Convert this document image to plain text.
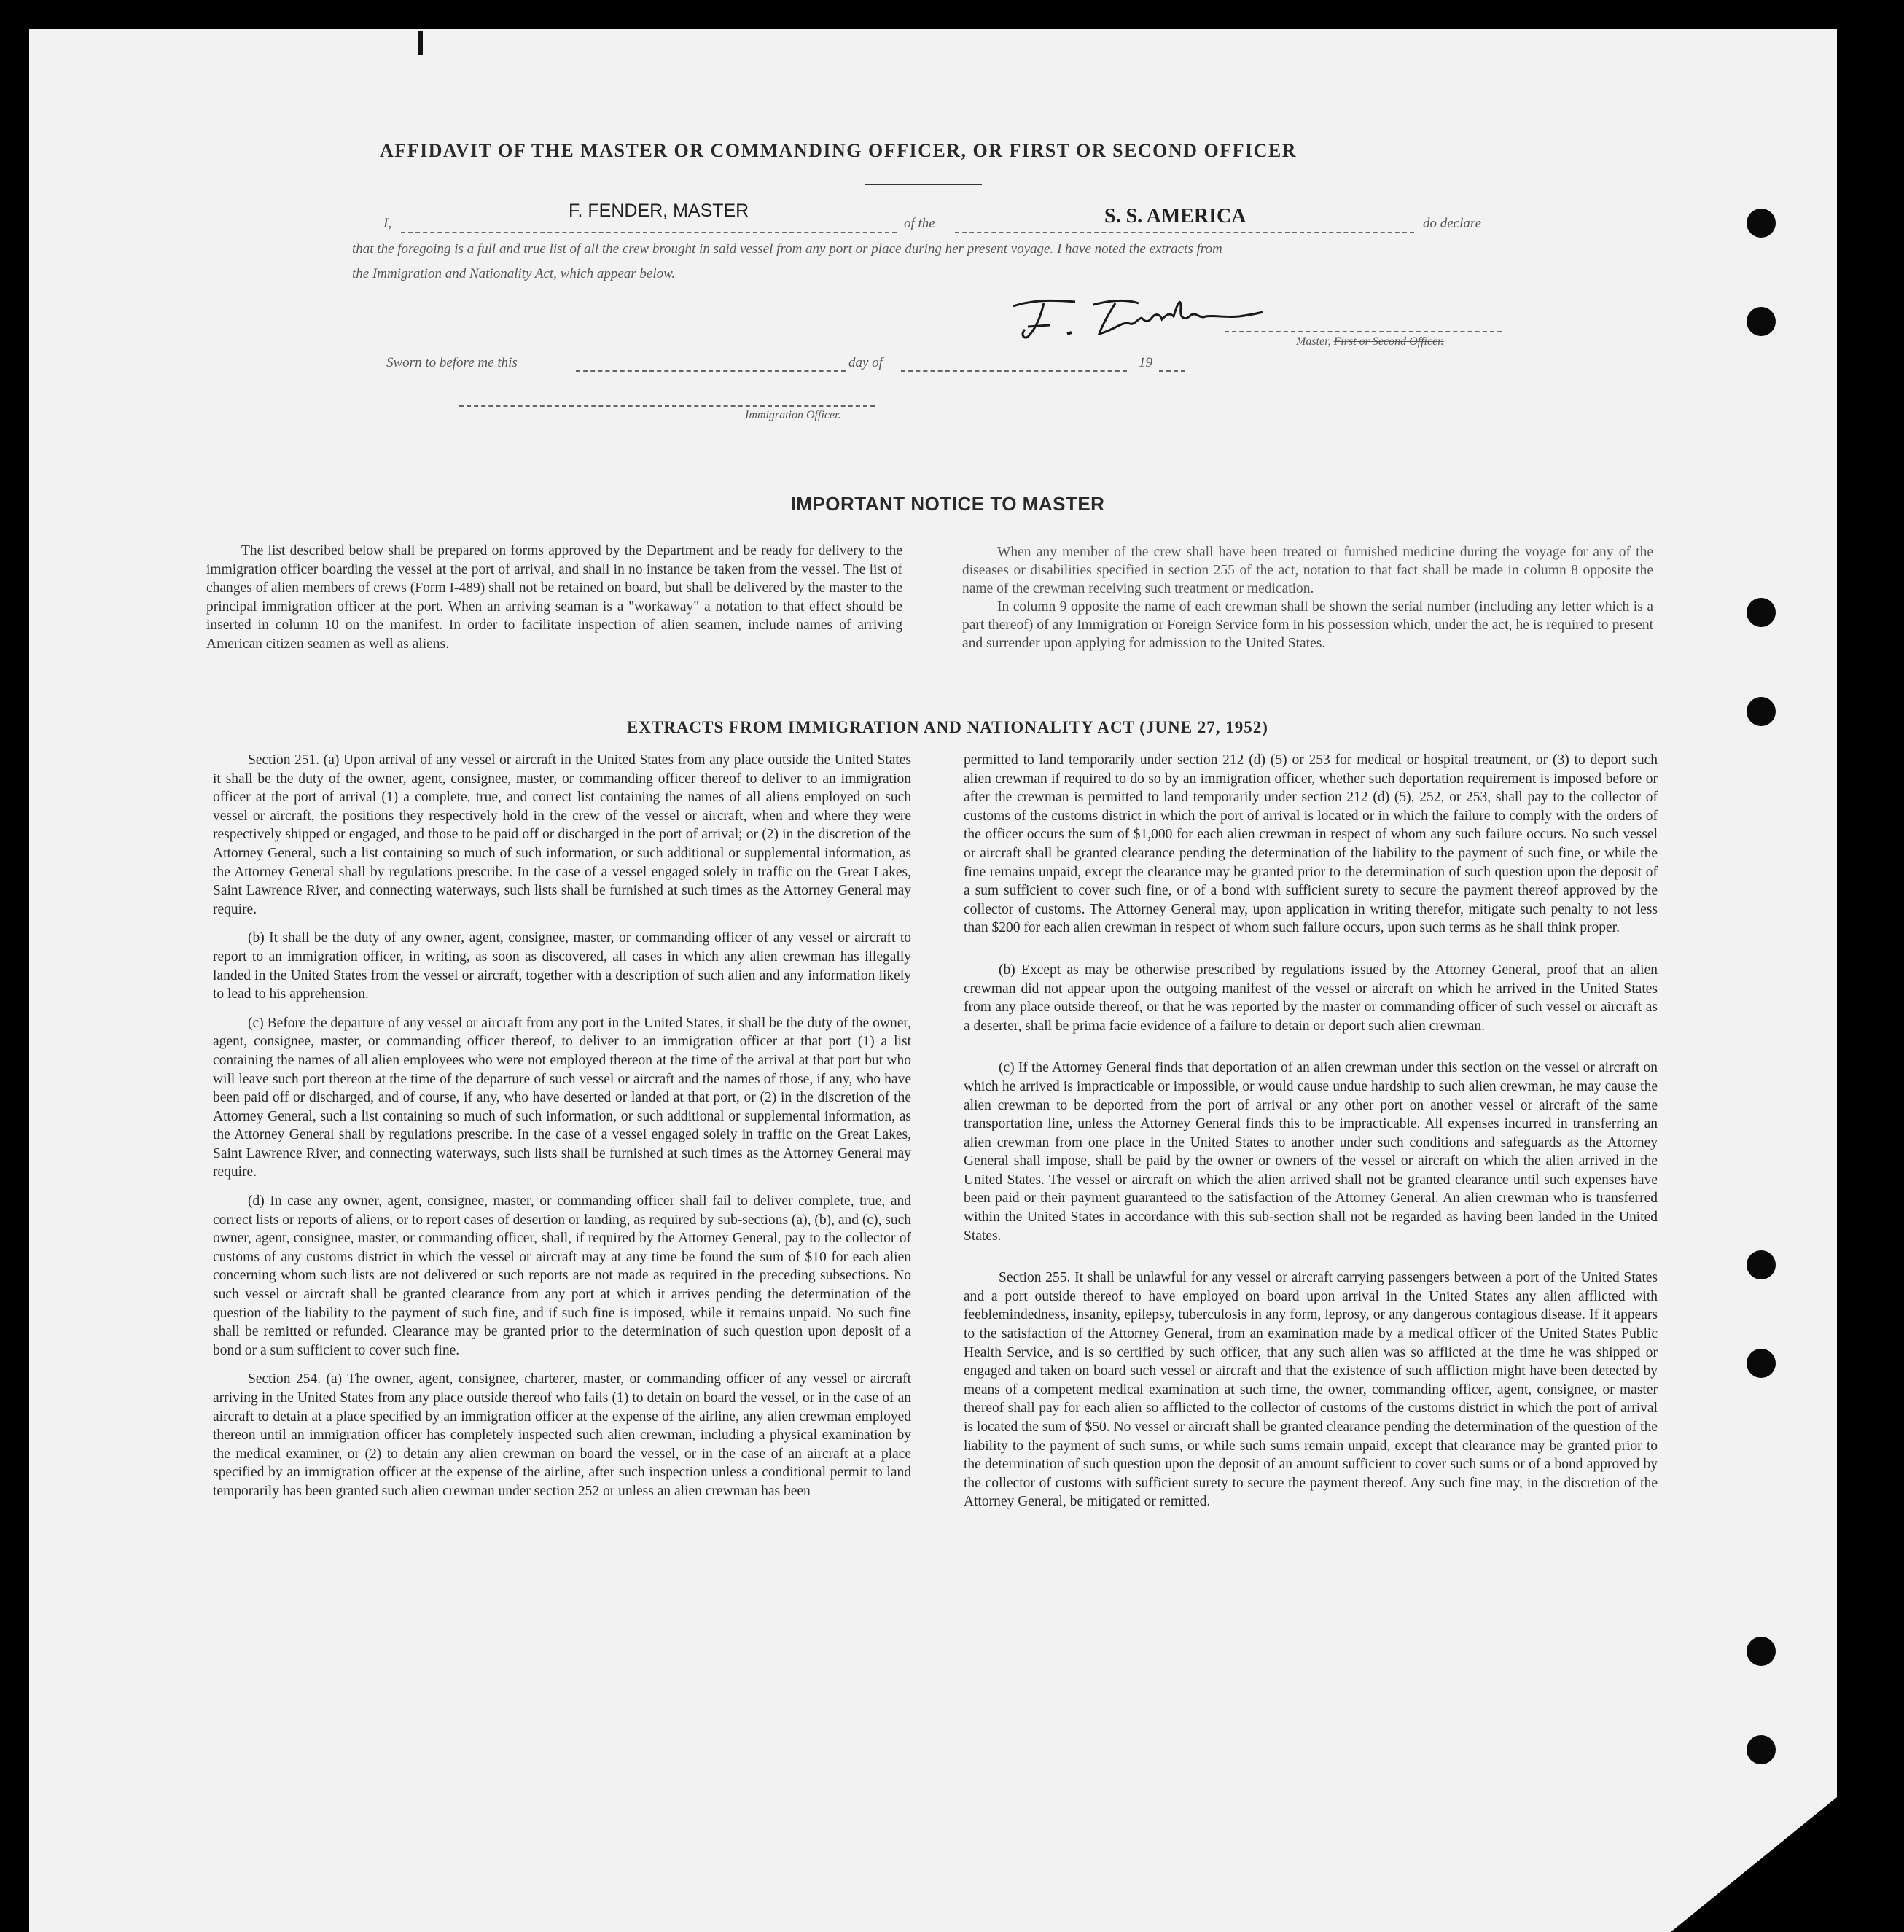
AFFIDAVIT OF THE MASTER OR COMMANDING OFFICER, OR FIRST OR SECOND OFFICER
I,
F. FENDER, MASTER
of the	S. S. AMERICA	do declare
that the foregoing is a full and true list of all the crew brought in said vessel from any port or place during her present voyage. I have noted the extracts from
the Immigration and Nationality Act, which appear below.
Master, First or Second Officer.
Sworn to before me this	day of	19
Immigration Officer.
IMPORTANT NOTICE TO MASTER

The list described below shall be prepared on forms approved by the Department and be ready for delivery to the immigration officer boarding the vessel at the port of arrival, and shall in no instance be taken from the vessel. The list of changes of alien members of crews (Form I-489) shall not be retained on board, but shall be delivered by the master to the principal immigration officer at the port. When an arriving seaman is a "workaway" a notation to that effect should be inserted in column 10 on the manifest. In order to facilitate inspection of alien seamen, include names of arriving American citizen seamen as well as aliens.

When any member of the crew shall have been treated or furnished medicine during the voyage for any of the diseases or disabilities specified in section 255 of the act, notation to that fact shall be made in column 8 opposite the name of the crewman receiving such treatment or medication.

In column 9 opposite the name of each crewman shall be shown the serial number (including any letter which is a part thereof) of any Immigration or Foreign Service form in his possession which, under the act, he is required to present and surrender upon applying for admission to the United States.

EXTRACTS FROM IMMIGRATION AND NATIONALITY ACT (JUNE 27, 1952)

Section 251. (a) Upon arrival of any vessel or aircraft in the United States from any place outside the United States it shall be the duty of the owner, agent, consignee, master, or commanding officer thereof to deliver to an immigration officer at the port of arrival (1) a complete, true, and correct list containing the names of all aliens employed on such vessel or aircraft, the positions they respectively hold in the crew of the vessel or aircraft, when and where they were respectively shipped or engaged, and those to be paid off or discharged in the port of arrival; or (2) in the discretion of the Attorney General, such a list containing so much of such information, or such additional or supplemental information, as the Attorney General shall by regulations prescribe. In the case of a vessel engaged solely in traffic on the Great Lakes, Saint Lawrence River, and connecting waterways, such lists shall be furnished at such times as the Attorney General may require.

(b) It shall be the duty of any owner, agent, consignee, master, or commanding officer of any vessel or aircraft to report to an immigration officer, in writing, as soon as discovered, all cases in which any alien crewman has illegally landed in the United States from the vessel or aircraft, together with a description of such alien and any information likely to lead to his apprehension.

(c) Before the departure of any vessel or aircraft from any port in the United States, it shall be the duty of the owner, agent, consignee, master, or commanding officer thereof, to deliver to an immigration officer at that port (1) a list containing the names of all alien employees who were not employed thereon at the time of the arrival at that port but who will leave such port thereon at the time of the departure of such vessel or aircraft and the names of those, if any, who have been paid off or discharged, and of course, if any, who have deserted or landed at that port, or (2) in the discretion of the Attorney General, such a list containing so much of such information, or such additional or supplemental information, as the Attorney General shall by regulations prescribe. In the case of a vessel engaged solely in traffic on the Great Lakes, Saint Lawrence River, and connecting waterways, such lists shall be furnished at such times as the Attorney General may require.

(d) In case any owner, agent, consignee, master, or commanding officer shall fail to deliver complete, true, and correct lists or reports of aliens, or to report cases of desertion or landing, as required by sub-sections (a), (b), and (c), such owner, agent, consignee, master, or commanding officer, shall, if required by the Attorney General, pay to the collector of customs of any customs district in which the vessel or aircraft may at any time be found the sum of $10 for each alien concerning whom such lists are not delivered or such reports are not made as required in the preceding subsections. No such vessel or aircraft shall be granted clearance from any port at which it arrives pending the determination of the question of the liability to the payment of such fine, and if such fine is imposed, while it remains unpaid. No such fine shall be remitted or refunded. Clearance may be granted prior to the determination of such question upon deposit of a bond or a sum sufficient to cover such fine.

Section 254. (a) The owner, agent, consignee, charterer, master, or commanding officer of any vessel or aircraft arriving in the United States from any place outside thereof who fails (1) to detain on board the vessel, or in the case of an aircraft to detain at a place specified by an immigration officer at the expense of the airline, any alien crewman employed thereon until an immigration officer has completely inspected such alien crewman, including a physical examination by the medical examiner, or (2) to detain any alien crewman on board the vessel, or in the case of an aircraft at a place specified by an immigration officer at the expense of the airline, after such inspection unless a conditional permit to land temporarily has been granted such alien crewman under section 252 or unless an alien crewman has been

permitted to land temporarily under section 212 (d) (5) or 253 for medical or hospital treatment, or (3) to deport such alien crewman if required to do so by an immigration officer, whether such deportation requirement is imposed before or after the crewman is permitted to land temporarily under section 212 (d) (5), 252, or 253, shall pay to the collector of customs of the customs district in which the port of arrival is located or in which the failure to comply with the orders of the officer occurs the sum of $1,000 for each alien crewman in respect of whom any such failure occurs. No such vessel or aircraft shall be granted clearance pending the determination of the liability to the payment of such fine, or while the fine remains unpaid, except the clearance may be granted prior to the determination of such question upon the deposit of a sum sufficient to cover such fine, or of a bond with sufficient surety to secure the payment thereof approved by the collector of customs. The Attorney General may, upon application in writing therefor, mitigate such penalty to not less than $200 for each alien crewman in respect of whom such failure occurs, upon such terms as he shall think proper.

(b) Except as may be otherwise prescribed by regulations issued by the Attorney General, proof that an alien crewman did not appear upon the outgoing manifest of the vessel or aircraft on which he arrived in the United States from any place outside thereof, or that he was reported by the master or commanding officer of such vessel or aircraft as a deserter, shall be prima facie evidence of a failure to detain or deport such alien crewman.

(c) If the Attorney General finds that deportation of an alien crewman under this section on the vessel or aircraft on which he arrived is impracticable or impossible, or would cause undue hardship to such alien crewman, he may cause the alien crewman to be deported from the port of arrival or any other port on another vessel or aircraft of the same transportation line, unless the Attorney General finds this to be impracticable. All expenses incurred in transferring an alien crewman from one place in the United States to another under such conditions and safeguards as the Attorney General shall impose, shall be paid by the owner or owners of the vessel or aircraft on which the alien arrived in the United States. The vessel or aircraft on which the alien arrived shall not be granted clearance until such expenses have been paid or their payment guaranteed to the satisfaction of the Attorney General. An alien crewman who is transferred within the United States in accordance with this sub-section shall not be regarded as having been landed in the United States.

Section 255. It shall be unlawful for any vessel or aircraft carrying passengers between a port of the United States and a port outside thereof to have employed on board upon arrival in the United States any alien afflicted with feeblemindedness, insanity, epilepsy, tuberculosis in any form, leprosy, or any dangerous contagious disease. If it appears to the satisfaction of the Attorney General, from an examination made by a medical officer of the United States Public Health Service, and is so certified by such officer, that any such alien was so afflicted at the time he was shipped or engaged and taken on board such vessel or aircraft and that the existence of such affliction might have been detected by means of a competent medical examination at such time, the owner, commanding officer, agent, consignee, or master thereof shall pay for each alien so afflicted to the collector of customs of the customs district in which the port of arrival is located the sum of $50. No vessel or aircraft shall be granted clearance pending the determination of the question of the liability to the payment of such sums, or while such sums remain unpaid, except that clearance may be granted prior to the determination of such question upon the deposit of an amount sufficient to cover such sums or of a bond approved by the collector of customs with sufficient surety to secure the payment thereof. Any such fine may, in the discretion of the Attorney General, be mitigated or remitted.
